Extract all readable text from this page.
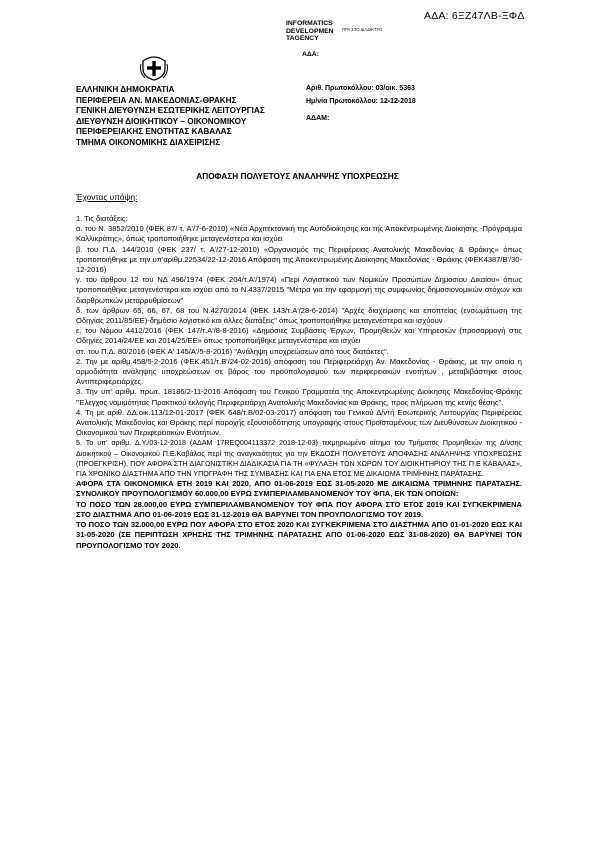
ΑΔΑ: 6ΞΖ47ΛΒ-ΞΦΔ
INFORMATICS
DEVELOPMEN	ΠΡΑ ΣΤΟ ΔΙΑΔΙΚΤΥΟ
TAGENCY
ΑΔΑ:
ΕΛΛΗΝΙΚΗ ΔΗΜΟΚΡΑΤΙΑ
ΠΕΡΙΦΕΡΕΙΑ ΑΝ. ΜΑΚΕΔΟΝΙΑΣ-ΘΡΑΚΗΣ
ΓΕΝΙΚΗ ΔΙΕΥΘΥΝΣΗ ΕΣΩΤΕΡΙΚΗΣ ΛΕΙΤΟΥΡΓΙΑΣ
ΔΙΕΥΘΥΝΣΗ ΔΙΟΙΚΗΤΙΚΟΥ – ΟΙΚΟΝΟΜΙΚΟΥ
ΠΕΡΙΦΕΡΕΙΑΚΗΣ ΕΝΟΤΗΤΑΣ ΚΑΒΑΛΑΣ
ΤΜΗΜΑ ΟΙΚΟΝΟΜΙΚΗΣ ΔΙΑΧΕΙΡΙΣΗΣ
Αριθ. Πρωτοκόλλου: 03/οικ. 5363
Ημ/νία Πρωτοκόλλου: 12-12-2018
ΑΔΑΜ:
ΑΠΟΦΑΣΗ ΠΟΛΥΕΤΟΥΣ ΑΝΑΛΗΨΗΣ ΥΠΟΧΡΕΩΣΗΣ
Έχοντας υπόψη:

1. Τις διατάξεις:

α. του Ν. 3852/2010 (ΦΕΚ 87/ τ. Α'/7-6-2010) «Νέα Αρχιτεκτονική της Αυτοδιοίκησης και της Αποκεντρωμένης Διοίκησης -Πρόγραμμα Καλλικράτης», όπως τροποποιήθηκε μεταγενέστερα και ισχύει

β. του Π.Δ. 144/2010 (ΦΕΚ 237/ τ. Α'/27-12-2010) «Οργανισμός της Περιφέρειας Ανατολικής Μακεδονίας & Θράκης» όπως τροποποιήθηκε με την υπ'αριθμ.22534/22-12-2016 Απόφαση της Αποκεντρωμένης Διοίκησης Μακεδονίας - Θράκης (ΦΕΚ4387/Β'/30-12-2016)

γ. του άρθρου 12 του ΝΔ 496/1974 (ΦΕΚ 204/τ.Α'/1974) «Περί Λογιστικού των Νομικών Προσώπων Δημοσίου Δικαίου» όπως τροποποιήθηκε μεταγενέστερα και ισχύει από το Ν.4337/2015 "Μέτρα για την εφαρμογή της συμφωνίας δημοσιονομικών στόχων και διαρθρωτικών μεταρρυθμίσεων"

δ. των άρθρων 65, 66, 67, 68 του Ν.4270/2014 (ΦΕΚ 143/τ.Α'/28-6-2014) "Αρχές διαχείρισης και εποπτείας (ενσωμάτωση της Οδηγίας 2011/85/ΕΕ)-δημόσιο λογιστικό και άλλες διατάξεις" όπως τροποποιήθηκε μεταγενέστερα και ισχύουν

ε. του Νόμου 4412/2016 (ΦΕΚ 147/τ.Α'/8-8-2016) «Δημόσιες Συμβάσεις Έργων, Προμηθειών και Υπηρεσιών (προσαρμογή στις Οδηγίες 2014/24/ΕΕ και 2014/25/ΕΕ» όπως τροποποιήθηκε μεταγενέστερα και ισχύει

στ. του Π.Δ. 80/2016 (ΦΕΚ Α' 145/Α'/5-8-2016) "Ανάληψη υποχρεώσεων από τους διατάκτες".

2. Την με αριθμ.458/5-2-2016 (ΦΕΚ.451/τ.Β'/24-02-2016) απόφαση του Περιφερειάρχη Αν. Μακεδονίας - Θράκης, με την οποία η αρμοδιότητα ανάληψης υποχρεώσεων σε βάρος του προϋπολογισμού των περιφερειακών ενοτήτων , μεταβιβάστηκε στους Αντιπεριφερειάρχες.

3. Την υπ' αριθμ. πρωτ. 18186/2-11-2016 Απόφαση του Γενικού Γραμματέα της Αποκεντρωμένης Διοίκησης Μακεδονίας-Θράκης "Έλεγχος νομιμότητας Πρακτικού εκλογής Περιφερειάρχη Ανατολικής Μακεδονίας και Θράκης, προς πλήρωση της κενής θέσης".

4. Τη με αριθ. ΔΔ.οικ.113/12-01-2017 (ΦΕΚ 648/τ.Β/02-03-2017) απόφαση του Γενικού Δ/ντή Εσωτερικής Λειτουργίας Περιφέρειας Ανατολικής Μακεδονίας και Θράκης περί παροχής εξουσιοδότησης υπογραφής στους Προϊσταμένους των Διευθύνσεων Διοικητικού - Οικονομικού των Περιφερειακών Ενοτήτων.

5. Το υπ' αριθμ. Δ.Υ./03-12-2018 (ΑΔΑΜ 17REQ004113372 2018-12-03) τεκμηριωμένο αίτημα του Τμήματος Προμηθειών της Δ/νσης Διοικητικού – Οικονομικού Π.Ε.Καβάλας περί της αναγκαιότητας για την ΕΚΔΟΣΗ ΠΟΛΥΕΤΟΥΣ ΑΠΟΦΑΣΗΣ ΑΝΑΛΗΨΗΣ ΥΠΟΧΡΕΩΣΗΣ (ΠΡΟΕΓΚΡΙΣΗ), ΠΟΥ ΑΦΟΡΑ ΣΤΗ ΔΙΑΓΩΝΙΣΤΙΚΗ ΔΙΑΔΙΚΑΣΙΑ ΓΙΑ ΤΗ «ΦΥΛΑΞΗ ΤΩΝ ΧΩΡΩΝ ΤΟΥ ΔΙΟΙΚΗΤΗΡΙΟΥ ΤΗΣ Π.Ε ΚΑΒΑΛΑΣ», ΓΙΑ ΧΡΟΝΙΚΟ ΔΙΑΣΤΗΜΑ ΑΠΟ ΤΗΝ ΥΠΟΓΡΑΦΗ ΤΗΣ ΣΥΜΒΑΣΗΣ ΚΑΙ ΓΙΑ ΕΝΑ ΕΤΟΣ ΜΕ ΔΙΚΑΙΩΜΑ ΤΡΙΜΗΝΗΣ ΠΑΡΑΤΑΣΗΣ.

ΑΦΟΡΑ ΣΤΑ ΟΙΚΟΝΟΜΙΚΑ ΕΤΗ 2019 ΚΑΙ 2020, ΑΠΟ 01-06-2019 ΕΩΣ 31-05-2020 ΜΕ ΔΙΚΑΙΩΜΑ ΤΡΙΜΗΝΗΣ ΠΑΡΑΤΑΣΗΣ. ΣΥΝΟΛΙΚΟΥ ΠΡΟΥΠΟΛΟΓΙΣΜΟΥ 60.000,00 ΕΥΡΩ ΣΥΜΠΕΡΙΛΑΜΒΑΝΟΜΕΝΟΥ ΤΟΥ ΦΠΑ, ΕΚ ΤΩΝ ΟΠΟΙΩΝ:

ΤΟ ΠΟΣΟ ΤΩΝ 28.000,00 ΕΥΡΩ ΣΥΜΠΕΡΙΛΑΜΒΑΝΟΜΕΝΟΥ ΤΟΥ ΦΠΑ ΠΟΥ ΑΦΟΡΑ ΣΤΟ ΕΤΟΣ 2019 ΚΑΙ ΣΥΓΚΕΚΡΙΜΕΝΑ ΣΤΟ ΔΙΑΣΤΗΜΑ ΑΠΟ 01-06-2019 ΕΩΣ 31-12-2019 ΘΑ ΒΑΡΥΝΕΙ ΤΟΝ ΠΡΟΥΠΟΛΟΓΙΣΜΟ ΤΟΥ 2019.

ΤΟ ΠΟΣΟ ΤΩΝ 32.000,00 ΕΥΡΩ ΠΟΥ ΑΦΟΡΑ ΣΤΟ ΕΤΟΣ 2020 ΚΑΙ ΣΥΓΚΕΚΡΙΜΕΝΑ ΣΤΟ ΔΙΑΣΤΗΜΑ ΑΠΟ 01-01-2020 ΕΩΣ ΚΑΙ 31-05-2020 (ΣΕ ΠΕΡΙΠΤΩΣΗ ΧΡΗΣΗΣ ΤΗΣ ΤΡΙΜΗΝΗΣ ΠΑΡΑΤΑΣΗΣ ΑΠΟ 01-06-2020 ΕΩΣ 31-08-2020) ΘΑ ΒΑΡΥΝΕΙ ΤΟΝ ΠΡΟΥΠΟΛΟΓΙΣΜΟ ΤΟΥ 2020.
